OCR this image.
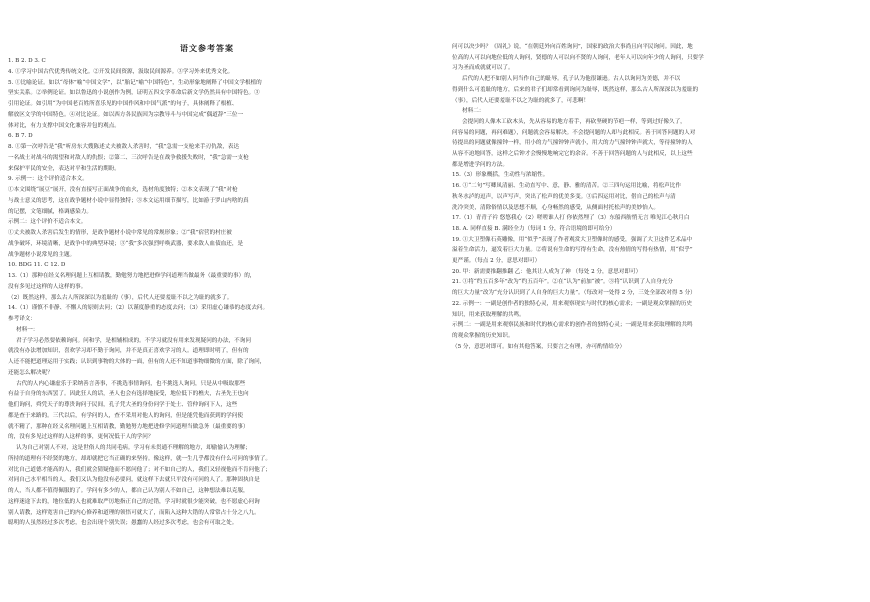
语文参考答案
1. B 2. D 3. C
4. ①学习中国古代优秀传统文化。②开发民间资源，汲取民间源养。③学习外来优秀文化。
5. ①比喻论证。如以“母体”喻“中国文学”，以“胎记”喻“中国特色”，生动形象地阐释了中国文学根植的
坚实关系。②举例论证。如以鲁迅的小说创作为例，证明五四文学革命后新文学仍然具有中国特色。③
引用论证。如引用“为中国老百姓所喜乐见的中国作风和中国气派”的句子，具体阐释了根植、
解放区文学的中国特色。④对比论证。如以西方各民族因为宗教导斗与中国完成“偶道辞”三位一
体对比，有力支撑中国文化兼容并包的观点。
6. B 7. D
8. ①第一次呼告是“我”听房东大嫂陈述丈夫被敌人杀害时，“我”急需一支枪来手刃仇敌，表达
一名战士对战斗的渴望和对敌人的仇恨；②第二、三次呼告是在战争救援失败时，“我”急需一支枪
来保护平民的安全，表达对平和生活的期盼。
9. 示例一：这个评价适合本文。
①本文围绕“展豆”展开，没有直接写正面战争的血火，选材角度独特；②本文表现了“我”对枪
与战士意义的思考，这在战争题材小说中显得独特；③本文运用细节描写，比如游于罗山内啥的真
的记摆，文笔细腻，格调感染力。
示例二：这个评价不适合本文。
①丈夫被敌人杀害后发生的情形，是战争题材小说中常见的常规形象；②“我”宿营的村庄被
战争破坏，环境清晰，是战争中的典型环境；③“我”多次强烈呼唤武器，要求敌人血债血还，是
战争题材小说常见的主题。
10. BDG 11. C 12. D
13.（1）那种在经义名理问题上互相请教，勤勉努力地把进修学问道理当做最务（最重要的事）的，
没有多见过这样的人这样的事。
（2）既然这样，那么古人所深深以为羞耻的（事），后代人还要羞耻不以之为耻的就多了。
14.（1）谨慎不非静、不懈人的原则去问；（2）以谨度静重的态度去问；（3）采用虚心谦恭的态度去问。
参考译文：
材料一：
君子学习必然要依赖询问。问和学，是相辅相成的。不学习就没有用来发现疑问的办法，不询问
就没有办法增加知识，喜欢学习却不勤于询问，并不是真正喜欢学习的人。道理即时明了，但有的
人还不能把道理运用于实践；认识到事物的大体的一面，但有的人还不知道事物细微的方面，除了询问，
还能怎么解决呢？
古代的人内心谦虚乐于采纳善言善事，不挑选事情询问，也不挑选人询问，只是从中吸取那些
有益于自身的东西罢了。因此狂人的话，圣人也会有选择地接受，地位低下的樵夫，古圣先王也向
他们询问，舜凭天子的尊贵询问于民间，孔子凭大圣的身份问学于处士、管仲询问下人，这些
都是查于来路的。三代以后，有学问的人，查不采用对他人的询问，但是能凭他而获到的学问使
就不精了，那种在经义名理问题上互相请教，勤勉努力地把进修学问道理当做急务（最重要的事）
的，没有多见过这样的人这样的事，更何况低于人的学问？
认为自己对别人不对，这是世俗人的共同毛病。学习有未贯通不理解的地方，却偷偷认为理解；
所持的道理有不经贤的地方，却却就把它当正确的来坚持。像这样，就一生几乎都没有什么可问的事情了。
对比自己道德才能高的人，我们就会猜疑他而不愿问他了；对不如自己的人，我们又轻视他而不肯问他了；
对同自己水平相当的人，我们又认为他没有必要问，就这样下去就只平没有可问的人了。那种固执自是
的人，当人都不值得佩服的了。学问有多少的人，都自己认为别人不如自己，这种想法难以克服，
这样迷途下去的，地位低的人也就难取严厉地指正自己的过错，学习时就很少能突破，也不愿虚心问询
别人请教，这样宽害自己的内心修养和道理的领悟可就大了，而陷入这种大错的人常常占十分之八九。
聪明的人虽然经过多次考虑，也会出现个别失误；愚蠢的人经过多次考虑，也会有可取之处。
问可以决少吗？《周礼》说，“在朝廷外向百姓询问”，国家的政治大事尚且向平民询问。因此，地
位高的人可以向地位低的人询问，贤德的人可以向不贤的人询问，老年人可以向年少的人询问，只要学
习为圣而成就就可以了。
后代的人把不如别人问当作自己的耻辱。孔子认为他很谦逊。古人以询问为美德，并不以
得到什么可羞耻的地方，后来的君子们却常看到询问为耻辱，既然这样，那么古人所深深以为羞耻的
（事），后代人还要羞耻不以之为耻的就多了，可悲啊！
材料二：
会提问的人像木工砍木头，先从容易的地方着手，再砍坚硬的节疤一样，等到过好像久了，
问容易的问题，再问难题），问题就会容易解决。不会提问题的人却与此相反。善于回答问题的人对
待提出的问题就像撞钟一样，用小的力气撞钟钟声就小，用大的力气撞钟钟声就大，等待撞钟的人
从容不迫地回答，这样之后钟才会慢慢地响完它的余音。不善于回答问题的人与此相反，以上这些
都是增进学问的方法。
15.（3）形象概括，生动性与浓缩性。
16. ①“二句”写卿凤清丽、生动直写中、意，静、雅的清苦。②三四句运用比喻，将松声比作
秋冬水泸的逗声，以声写声，突出了松声的优美多变。③后四运用对比，借自己的松声与清
洗冷突美，清除俗情以及思想不顺，心身畅然的感受，从侧面衬托松声的美妙怡人。
17.（1）青青子衿 悠悠我心（2）嗟嗟谁人打 你依然埋了（3）东船西舫悄无言 唯见江心秋月白
18. A. 同样直接 B. 满经全力（每词 1 分，符合语境的即可给分）
19. ①大卫塑像石英雕像，用“似乎”表现了作者观赏大卫塑像时的感受，强调了大卫这件艺术品中
溢着生命活力，逼发着巨大力量。②将说有生命的写得有生命，没有热情的写得有热情，用“似乎”
更严谨。（每点 2 分，意思对即可）
20. 甲：新需要推翻推翻 乙：他其让人成为了神 （每处 2 分，意思对即可）
21. ①将“约五百多年”改为“约五百年”。②在“认为”前加“被”。③将“认识到了人自身充分
的巨大力量”改为“充分认识到了人自身的巨大力量”。（每改对一处得 2 分，三处全部改对得 5 分）
22. 示例一：一副是创作者的独特心灵，用来观察现实与时代的核心需求；一副是观众掌握的历史
知识，用来获取理解的共鸣。
示例二：一副是用来观察民族和时代的核心需求的创作者的独特心灵；一副是用来获取理解的共鸣
的观众掌握的历史知识。
（5 分，意思对即可。如有其他答案，只要言之有理，亦可酌情给分）
